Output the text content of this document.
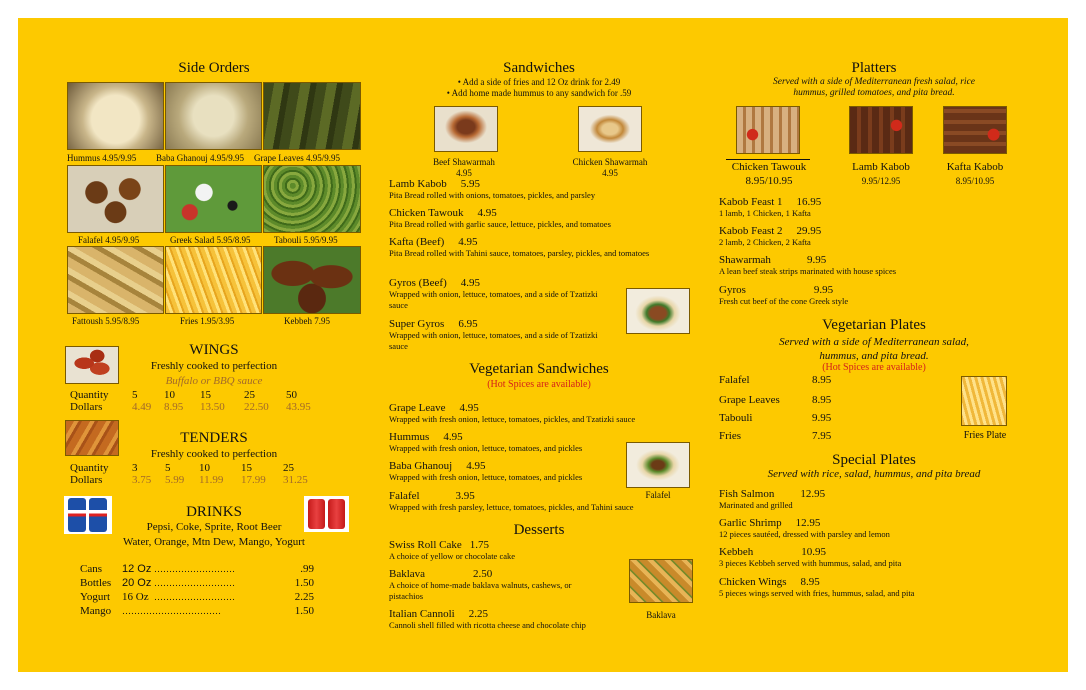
Side Orders
Hummus 4.95/9.95 Baba Ghanouj 4.95/9.95 Grape Leaves 4.95/9.95
Falafel 4.95/9.95	Greek Salad 5.95/8.95	Tabouli 5.95/9.95
Fattoush 5.95/8.95	Fries 1.95/3.95	Kebbeh 7.95
WINGS
Freshly cooked to perfection
Buffalo or BBQ sauce
Quantity	5	10	15	25	50
Dollars	4.49	8.95	13.50	22.50	43.95
TENDERS
Freshly cooked to perfection
Quantity	3	5	10	15	25
Dollars	3.75	5.99	11.99	17.99	31.25
DRINKS
Pepsi, Coke, Sprite, Root Beer
Water, Orange, Mtn Dew, Mango, Yogurt
Cans	12 Oz	………………………	.99
Bottles	20 Oz	………………………	1.50
Yogurt	16 Oz	………………………	2.25
Mango	……………………………		1.50
Sandwiches
• Add a side of fries and 12 Oz drink for 2.49
• Add home made hummus to any sandwich for .59
Beef Shawarmah
4.95
Chicken Shawarmah
4.95
Lamb Kabob 5.95
Pita Bread rolled with onions, tomatoes, pickles, and parsley
Chicken Tawouk 4.95
Pita Bread rolled with garlic sauce, lettuce, pickles, and tomatoes
Kafta (Beef) 4.95
Pita Bread rolled with Tahini sauce, tomatoes, parsley, pickles, and tomatoes
Gyros (Beef) 4.95
Wrapped with onion, lettuce, tomatoes, and a side of Tzatizki sauce
Super Gyros 6.95
Wrapped with onion, lettuce, tomatoes, and a side of Tzatizki sauce
Vegetarian Sandwiches
(Hot Spices are available)
Grape Leave 4.95
Wrapped with fresh onion, lettuce, tomatoes, pickles, and Tzatizki sauce
Hummus 4.95
Wrapped with fresh onion, lettuce, tomatoes, and pickles
Falafel
Baba Ghanouj 4.95
Wrapped with fresh onion, lettuce, tomatoes, and pickles
Falafel	3.95
Wrapped with fresh parsley, lettuce, tomatoes, pickles, and Tahini sauce
Desserts
Swiss Roll Cake 1.75
A choice of yellow or chocolate cake
Baklava
Baklava	2.50
A choice of home-made baklava walnuts, cashews, or pistachios
Italian Cannoli 2.25
Cannoli shell filled with ricotta cheese and chocolate chip
Platters
Served with a side of Mediterranean fresh salad, rice hummus, grilled tomatoes, and pita bread.
Chicken Tawouk
8.95/10.95
Lamb Kabob
9.95/12.95
Kafta Kabob
8.95/10.95
Kabob Feast 1 16.95
1 lamb, 1 Chicken, 1 Kafta
Kabob Feast 2 29.95
2 lamb, 2 Chicken, 2 Kafta
Shawarmah	9.95
A lean beef steak strips marinated with house spices
Gyros	9.95
Fresh cut beef of the cone Greek style
Vegetarian Plates
Served with a side of Mediterranean salad, hummus, and pita bread.
(Hot Spices are available)
Falafel	8.95
Grape Leaves	8.95
Tabouli	9.95
Fries	7.95	Fries Plate
Special Plates
Served with rice, salad, hummus, and pita bread
Fish Salmon 12.95
Marinated and grilled
Garlic Shrimp 12.95
12 pieces sautéed, dressed with parsley and lemon
Kebbeh	10.95
3 pieces Kebbeh served with hummus, salad, and pita
Chicken Wings 8.95
5 pieces wings served with fries, hummus, salad, and pita
